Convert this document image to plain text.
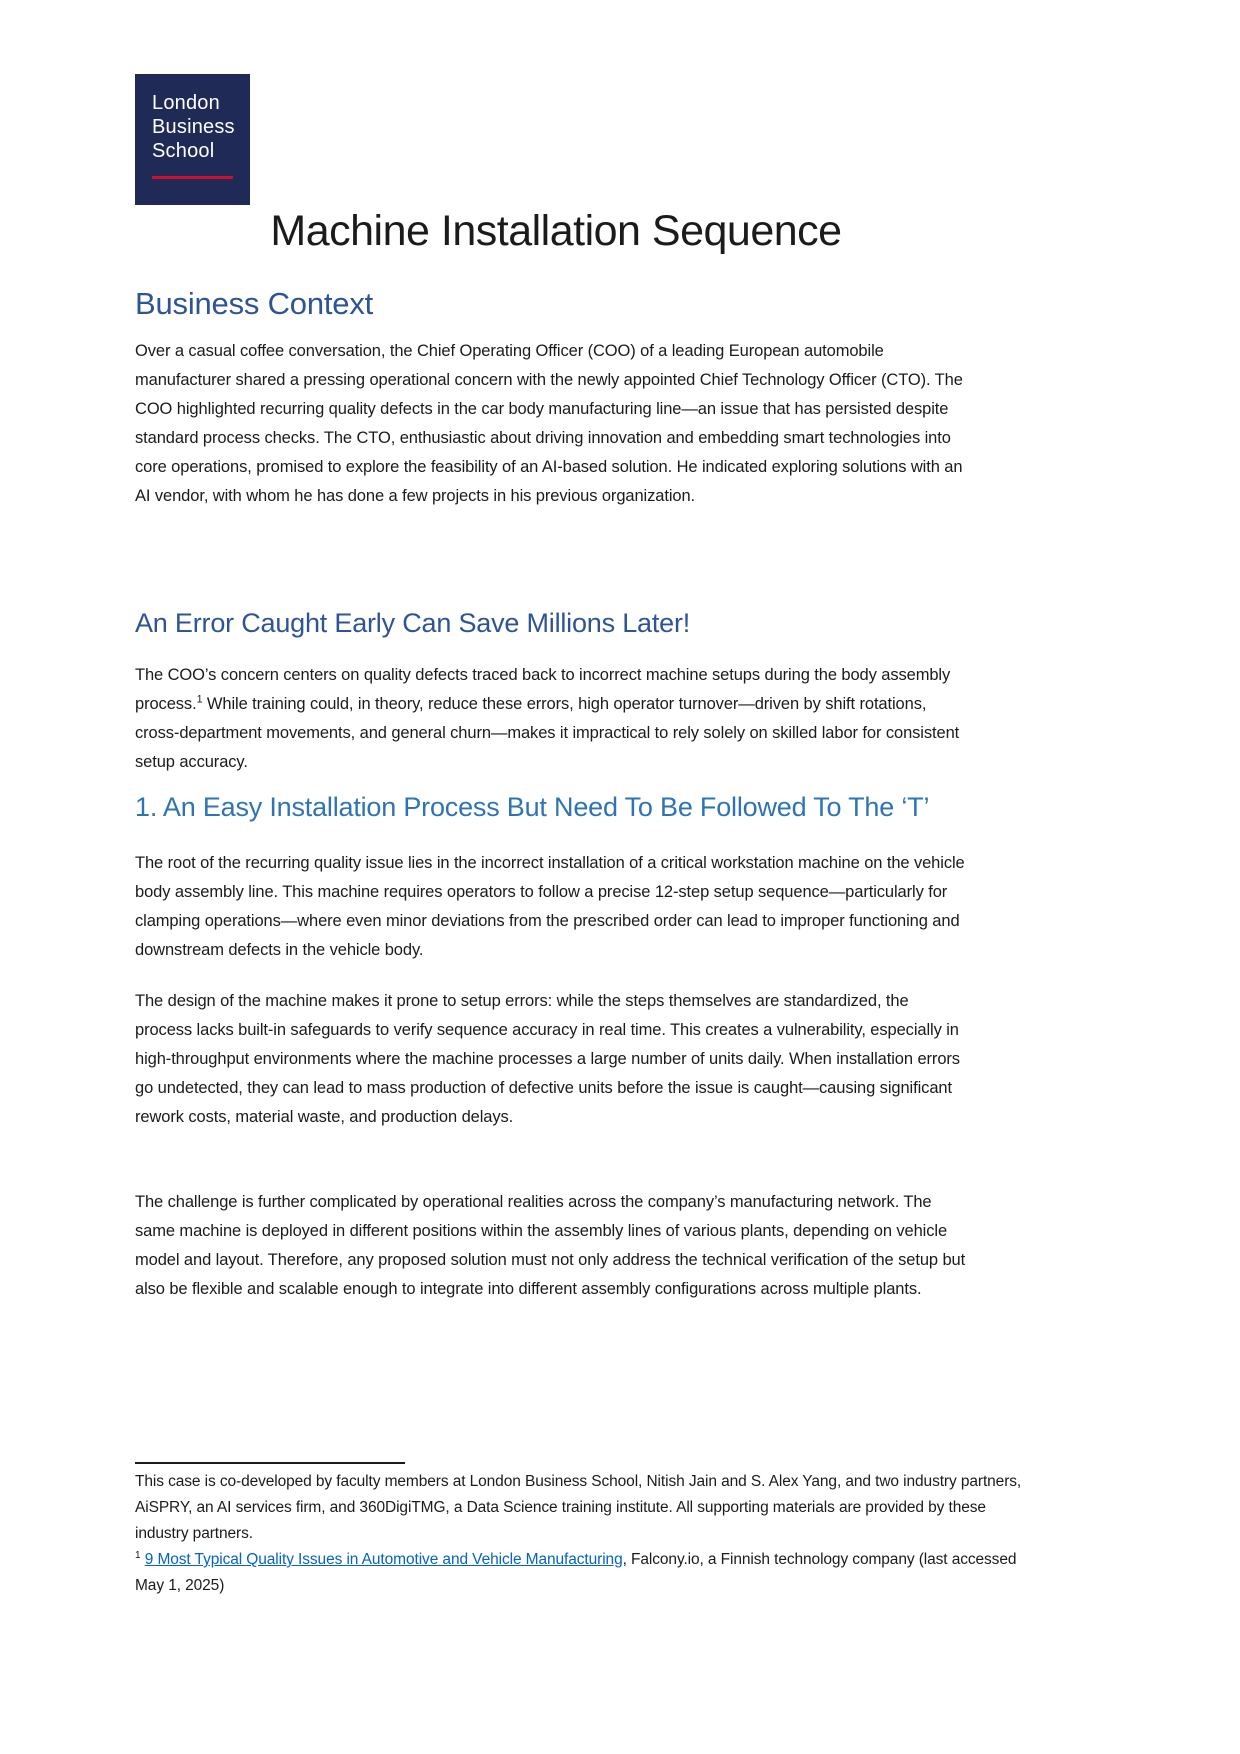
London
Business
School
Machine Installation Sequence
Business Context

Over a casual coffee conversation, the Chief Operating Officer (COO) of a leading European automobile manufacturer shared a pressing operational concern with the newly appointed Chief Technology Officer (CTO). The COO highlighted recurring quality defects in the car body manufacturing line—an issue that has persisted despite standard process checks. The CTO, enthusiastic about driving innovation and embedding smart technologies into core operations, promised to explore the feasibility of an AI-based solution. He indicated exploring solutions with an AI vendor, with whom he has done a few projects in his previous organization.

An Error Caught Early Can Save Millions Later!

The COO’s concern centers on quality defects traced back to incorrect machine setups during the body assembly process.$^1$ While training could, in theory, reduce these errors, high operator turnover—driven by shift rotations, cross-department movements, and general churn—makes it impractical to rely solely on skilled labor for consistent setup accuracy.

1. An Easy Installation Process But Need To Be Followed To The ‘T’

The root of the recurring quality issue lies in the incorrect installation of a critical workstation machine on the vehicle body assembly line. This machine requires operators to follow a precise 12-step setup sequence—particularly for clamping operations—where even minor deviations from the prescribed order can lead to improper functioning and downstream defects in the vehicle body.

The design of the machine makes it prone to setup errors: while the steps themselves are standardized, the process lacks built-in safeguards to verify sequence accuracy in real time. This creates a vulnerability, especially in high-throughput environments where the machine processes a large number of units daily. When installation errors go undetected, they can lead to mass production of defective units before the issue is caught—causing significant rework costs, material waste, and production delays.

The challenge is further complicated by operational realities across the company’s manufacturing network. The same machine is deployed in different positions within the assembly lines of various plants, depending on vehicle model and layout. Therefore, any proposed solution must not only address the technical verification of the setup but also be flexible and scalable enough to integrate into different assembly configurations across multiple plants.

This case is co-developed by faculty members at London Business School, Nitish Jain and S. Alex Yang, and two industry partners, AiSPRY, an AI services firm, and 360DigiTMG, a Data Science training institute. All supporting materials are provided by these industry partners.

$^1$ 9 Most Typical Quality Issues in Automotive and Vehicle Manufacturing, Falcony.io, a Finnish technology company (last accessed May 1, 2025)
